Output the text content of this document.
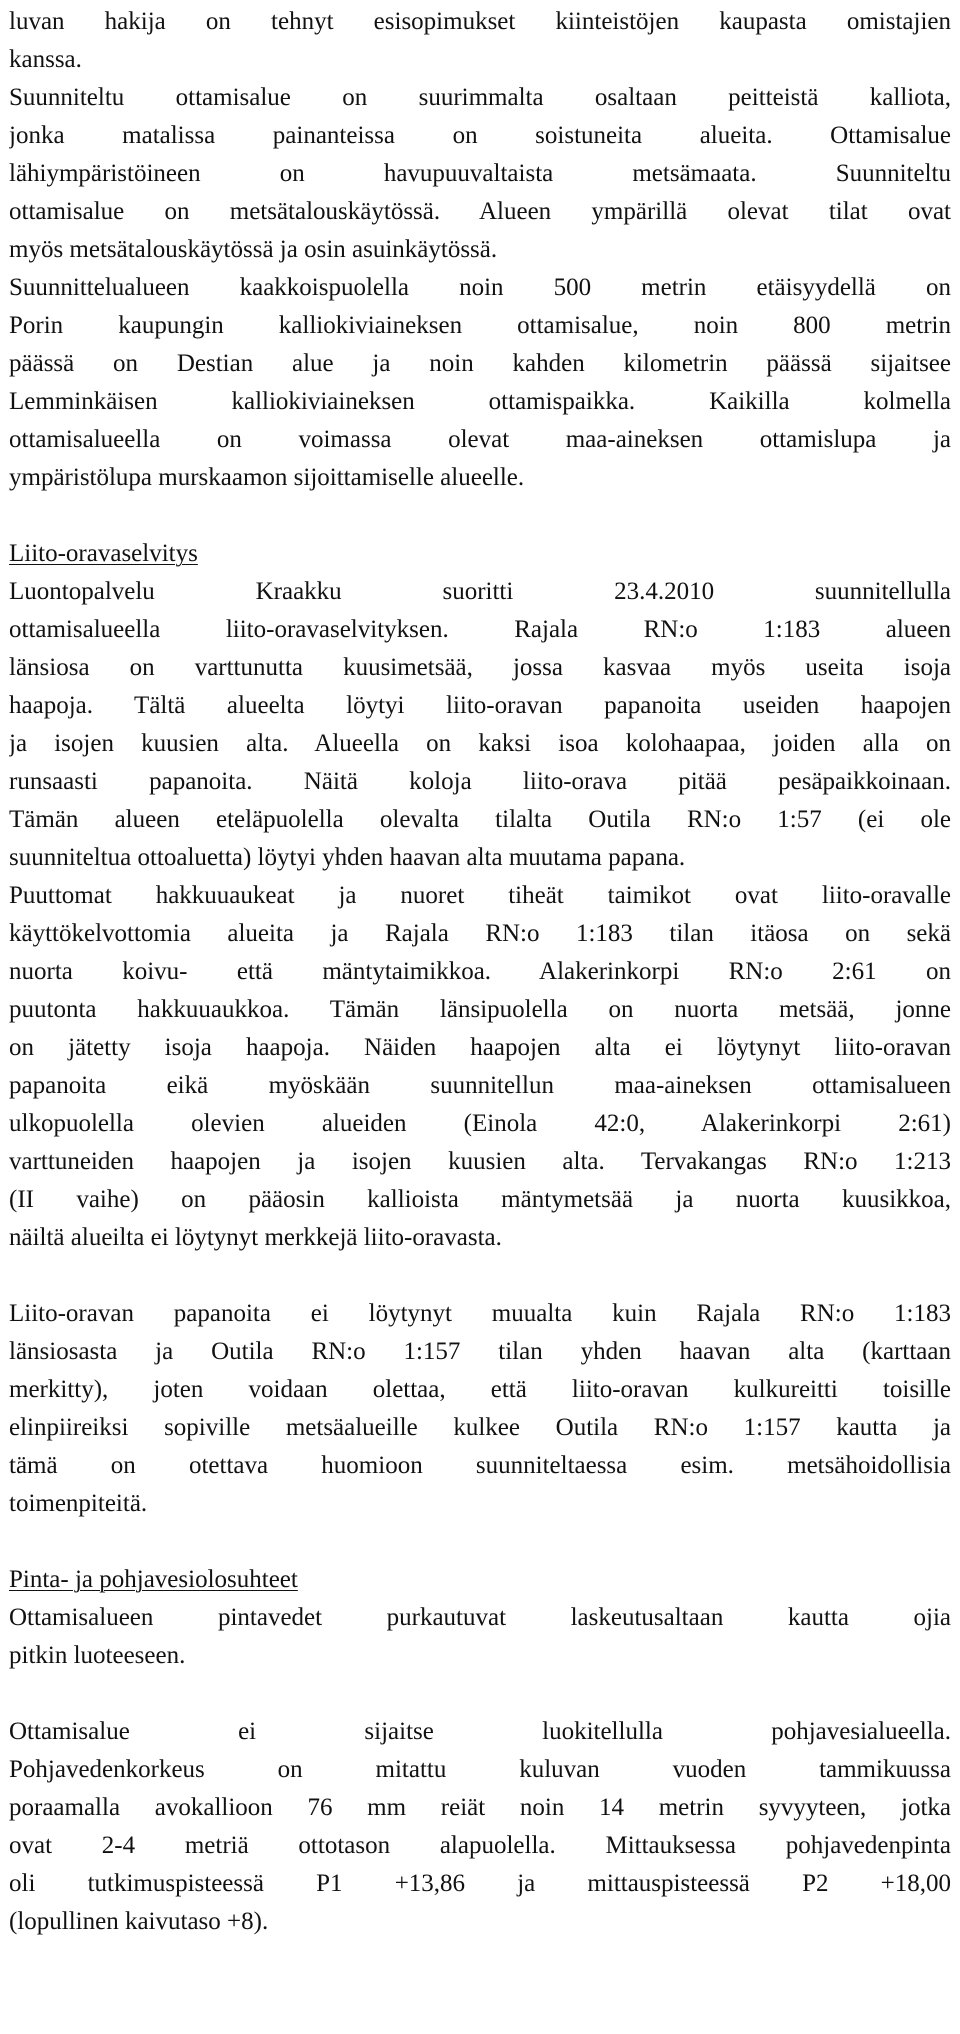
luvan hakija on tehnyt esisopimukset kiinteistöjen kaupasta omistajien
kanssa.
Suunniteltu ottamisalue on suurimmalta osaltaan peitteistä kalliota,
jonka matalissa painanteissa on soistuneita alueita. Ottamisalue
lähiympäristöineen on havupuuvaltaista metsämaata. Suunniteltu
ottamisalue on metsätalouskäytössä. Alueen ympärillä olevat tilat ovat
myös metsätalouskäytössä ja osin asuinkäytössä.
Suunnittelualueen kaakkoispuolella noin 500 metrin etäisyydellä on
Porin kaupungin kalliokiviaineksen ottamisalue, noin 800 metrin
päässä on Destian alue ja noin kahden kilometrin päässä sijaitsee
Lemminkäisen kalliokiviaineksen ottamispaikka. Kaikilla kolmella
ottamisalueella on voimassa olevat maa-aineksen ottamislupa ja
ympäristölupa murskaamon sijoittamiselle alueelle.
Liito-oravaselvitys
Luontopalvelu Kraakku suoritti 23.4.2010 suunnitellulla
ottamisalueella liito-oravaselvityksen. Rajala RN:o 1:183 alueen
länsiosa on varttunutta kuusimetsää, jossa kasvaa myös useita isoja
haapoja. Tältä alueelta löytyi liito-oravan papanoita useiden haapojen
ja isojen kuusien alta. Alueella on kaksi isoa kolohaapaa, joiden alla on
runsaasti papanoita. Näitä koloja liito-orava pitää pesäpaikkoinaan.
Tämän alueen eteläpuolella olevalta tilalta Outila RN:o 1:57 (ei ole
suunniteltua ottoaluetta) löytyi yhden haavan alta muutama papana.
Puuttomat hakkuuaukeat ja nuoret tiheät taimikot ovat liito-oravalle
käyttökelvottomia alueita ja Rajala RN:o 1:183 tilan itäosa on sekä
nuorta koivu- että mäntytaimikkoa. Alakerinkorpi RN:o 2:61 on
puutonta hakkuuaukkoa. Tämän länsipuolella on nuorta metsää, jonne
on jätetty isoja haapoja. Näiden haapojen alta ei löytynyt liito-oravan
papanoita eikä myöskään suunnitellun maa-aineksen ottamisalueen
ulkopuolella olevien alueiden (Einola 42:0, Alakerinkorpi 2:61)
varttuneiden haapojen ja isojen kuusien alta. Tervakangas RN:o 1:213
(II vaihe) on pääosin kallioista mäntymetsää ja nuorta kuusikkoa,
näiltä alueilta ei löytynyt merkkejä liito-oravasta.
Liito-oravan papanoita ei löytynyt muualta kuin Rajala RN:o 1:183
länsiosasta ja Outila RN:o 1:157 tilan yhden haavan alta (karttaan
merkitty), joten voidaan olettaa, että liito-oravan kulkureitti toisille
elinpiireiksi sopiville metsäalueille kulkee Outila RN:o 1:157 kautta ja
tämä on otettava huomioon suunniteltaessa esim. metsähoidollisia
toimenpiteitä.
Pinta- ja pohjavesiolosuhteet
Ottamisalueen pintavedet purkautuvat laskeutusaltaan kautta ojia
pitkin luoteeseen.
Ottamisalue ei sijaitse luokitellulla pohjavesialueella.
Pohjavedenkorkeus on mitattu kuluvan vuoden tammikuussa
poraamalla avokallioon 76 mm reiät noin 14 metrin syvyyteen, jotka
ovat 2-4 metriä ottotason alapuolella. Mittauksessa pohjavedenpinta
oli tutkimuspisteessä P1 +13,86 ja mittauspisteessä P2 +18,00
(lopullinen kaivutaso +8).
